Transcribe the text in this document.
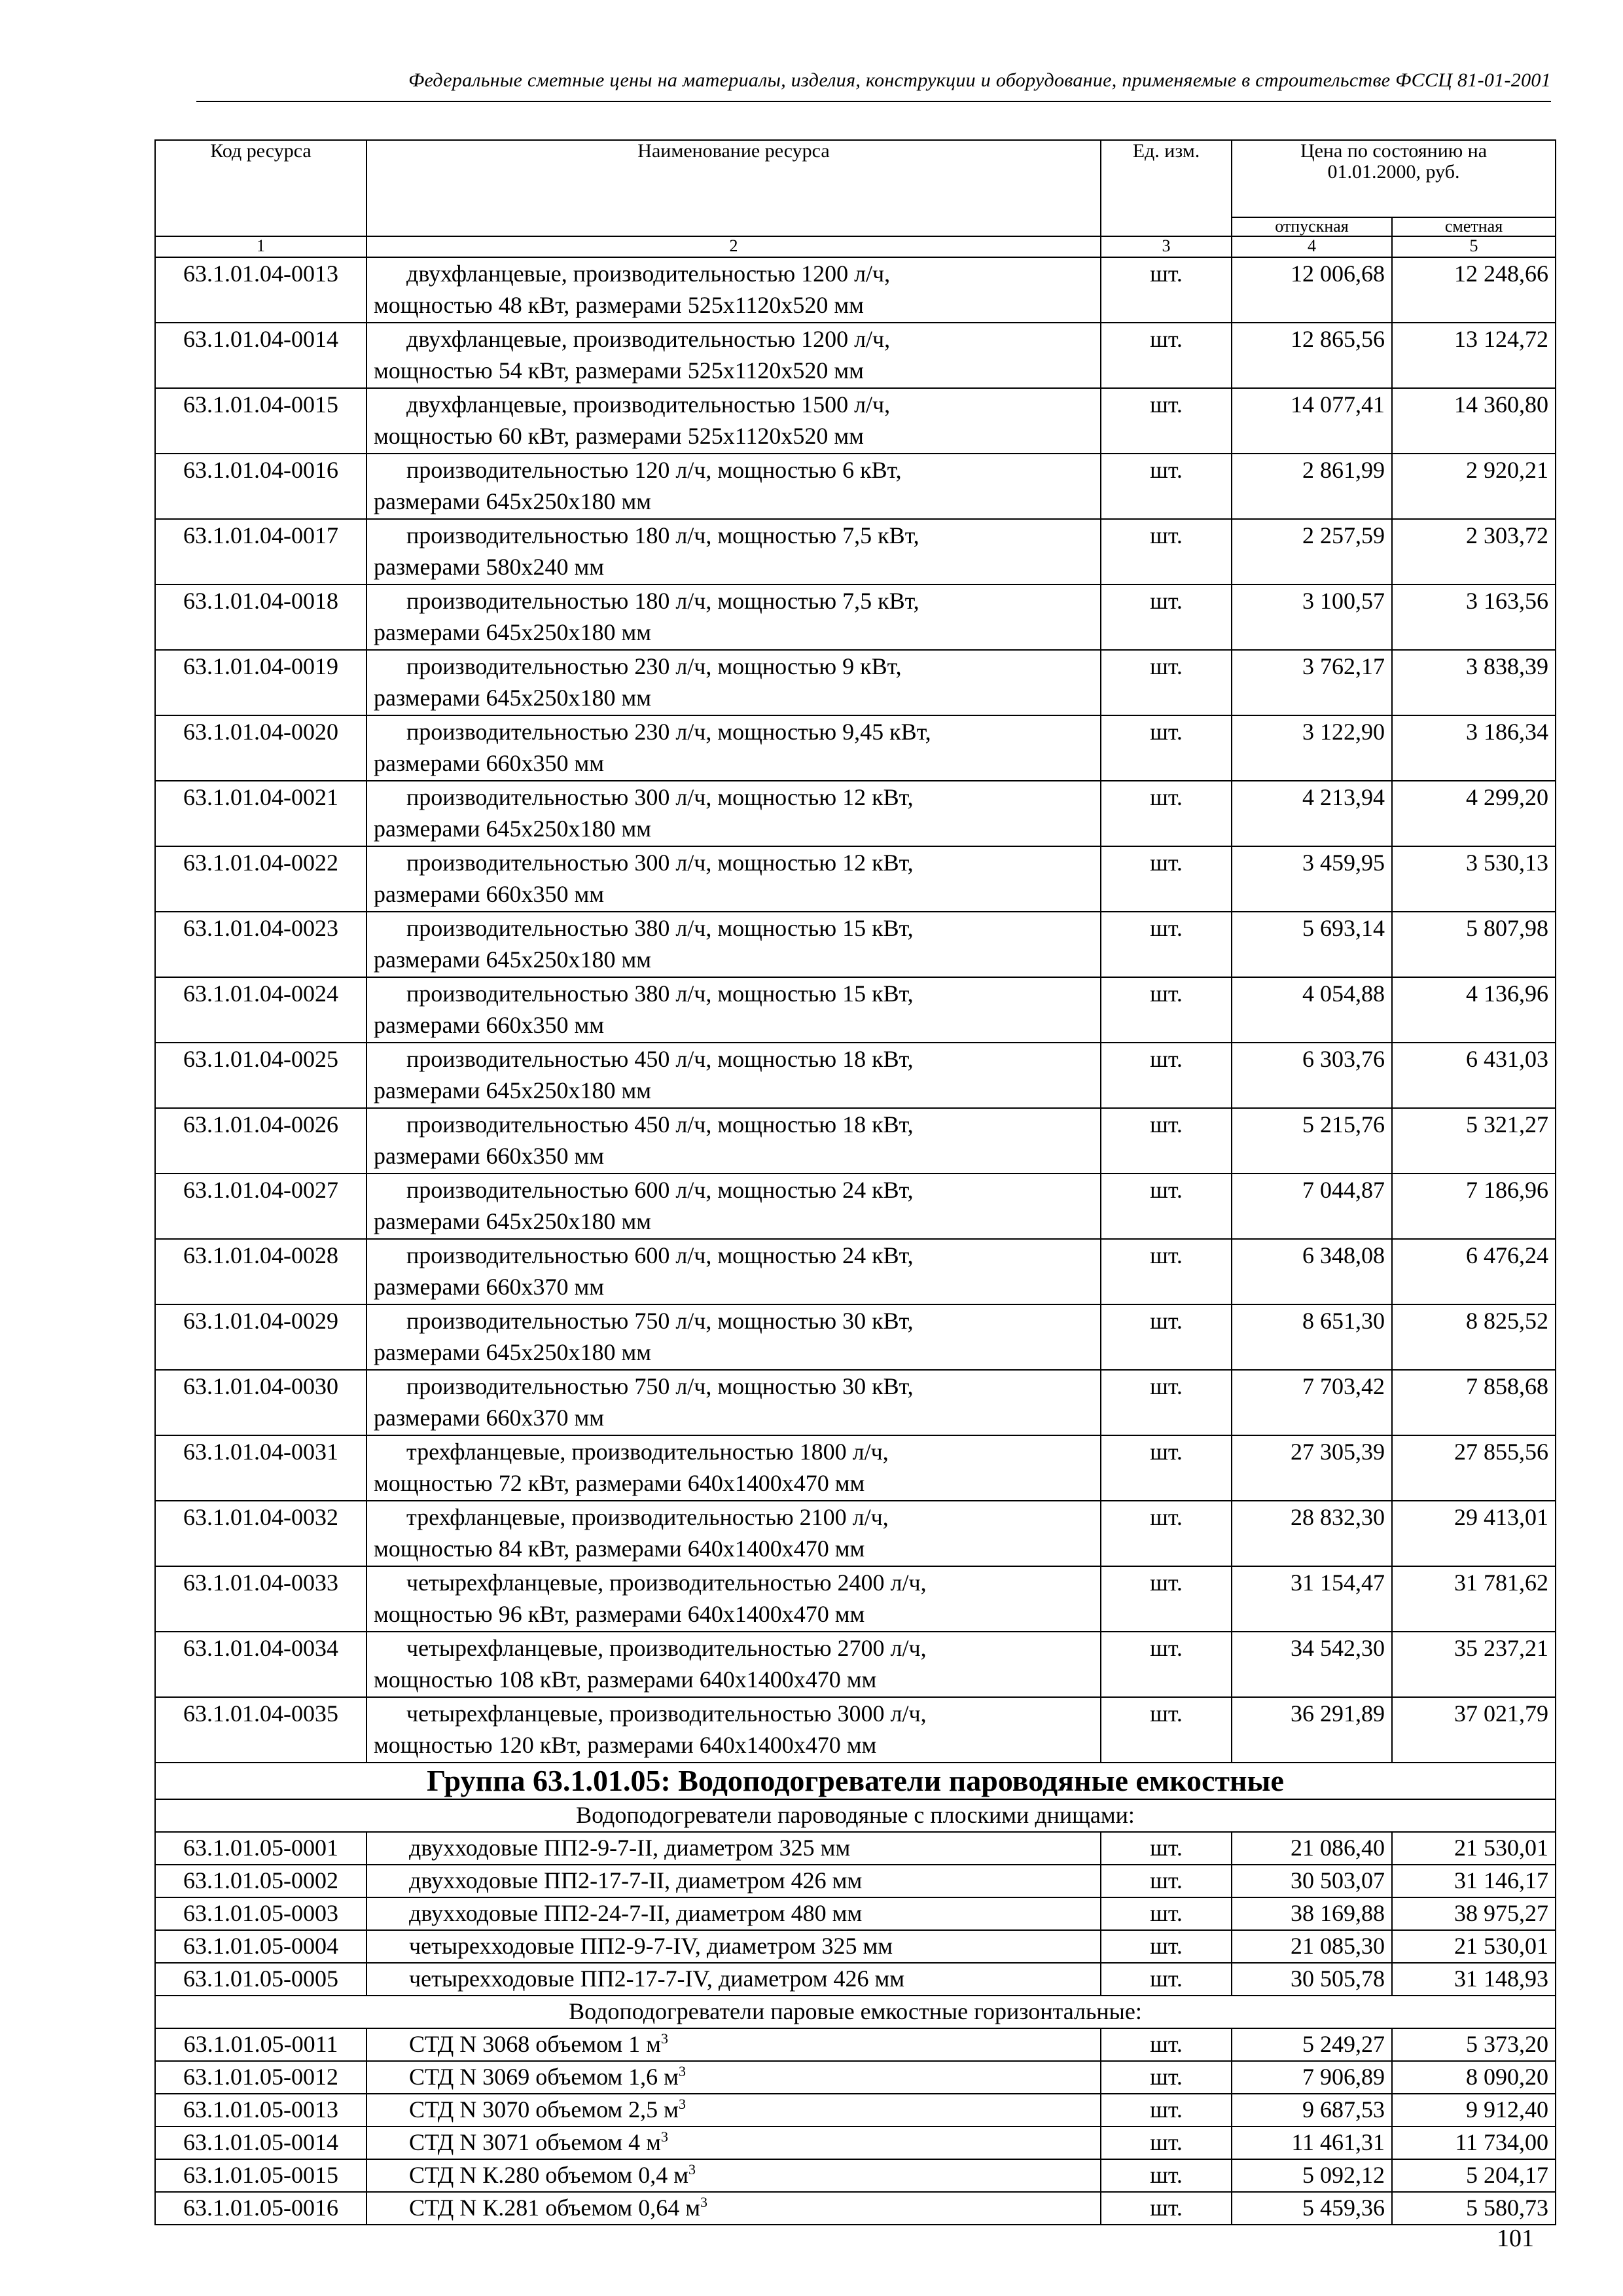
Федеральные сметные цены на материалы, изделия, конструкции и оборудование, применяемые в строительстве ФССЦ 81-01-2001
Код ресурса	Наименование ресурса	Ед. изм.	Цена по состоянию на 01.01.2000, руб.	
			отпускная	сметная
1	2	3	4	5
63.1.01.04-0013	двухфланцевые, производительностью 1200 л/ч,
мощностью 48 кВт, размерами 525х1120х520 мм	шт.	12 006,68	12 248,66
63.1.01.04-0014	двухфланцевые, производительностью 1200 л/ч,
мощностью 54 кВт, размерами 525х1120х520 мм	шт.	12 865,56	13 124,72
63.1.01.04-0015	двухфланцевые, производительностью 1500 л/ч,
мощностью 60 кВт, размерами 525х1120х520 мм	шт.	14 077,41	14 360,80
63.1.01.04-0016	производительностью 120 л/ч, мощностью 6 кВт,
размерами 645х250х180 мм	шт.	2 861,99	2 920,21
63.1.01.04-0017	производительностью 180 л/ч, мощностью 7,5 кВт,
размерами 580х240 мм	шт.	2 257,59	2 303,72
63.1.01.04-0018	производительностью 180 л/ч, мощностью 7,5 кВт,
размерами 645х250х180 мм	шт.	3 100,57	3 163,56
63.1.01.04-0019	производительностью 230 л/ч, мощностью 9 кВт,
размерами 645х250х180 мм	шт.	3 762,17	3 838,39
63.1.01.04-0020	производительностью 230 л/ч, мощностью 9,45 кВт,
размерами 660х350 мм	шт.	3 122,90	3 186,34
63.1.01.04-0021	производительностью 300 л/ч, мощностью 12 кВт,
размерами 645х250х180 мм	шт.	4 213,94	4 299,20
63.1.01.04-0022	производительностью 300 л/ч, мощностью 12 кВт,
размерами 660х350 мм	шт.	3 459,95	3 530,13
63.1.01.04-0023	производительностью 380 л/ч, мощностью 15 кВт,
размерами 645х250х180 мм	шт.	5 693,14	5 807,98
63.1.01.04-0024	производительностью 380 л/ч, мощностью 15 кВт,
размерами 660х350 мм	шт.	4 054,88	4 136,96
63.1.01.04-0025	производительностью 450 л/ч, мощностью 18 кВт,
размерами 645х250х180 мм	шт.	6 303,76	6 431,03
63.1.01.04-0026	производительностью 450 л/ч, мощностью 18 кВт,
размерами 660х350 мм	шт.	5 215,76	5 321,27
63.1.01.04-0027	производительностью 600 л/ч, мощностью 24 кВт,
размерами 645х250х180 мм	шт.	7 044,87	7 186,96
63.1.01.04-0028	производительностью 600 л/ч, мощностью 24 кВт,
размерами 660х370 мм	шт.	6 348,08	6 476,24
63.1.01.04-0029	производительностью 750 л/ч, мощностью 30 кВт,
размерами 645х250х180 мм	шт.	8 651,30	8 825,52
63.1.01.04-0030	производительностью 750 л/ч, мощностью 30 кВт,
размерами 660х370 мм	шт.	7 703,42	7 858,68
63.1.01.04-0031	трехфланцевые, производительностью 1800 л/ч,
мощностью 72 кВт, размерами 640х1400х470 мм	шт.	27 305,39	27 855,56
63.1.01.04-0032	трехфланцевые, производительностью 2100 л/ч,
мощностью 84 кВт, размерами 640х1400х470 мм	шт.	28 832,30	29 413,01
63.1.01.04-0033	четырехфланцевые, производительностью 2400 л/ч,
мощностью 96 кВт, размерами 640х1400х470 мм	шт.	31 154,47	31 781,62
63.1.01.04-0034	четырехфланцевые, производительностью 2700 л/ч,
мощностью 108 кВт, размерами 640х1400х470 мм	шт.	34 542,30	35 237,21
63.1.01.04-0035	четырехфланцевые, производительностью 3000 л/ч,
мощностью 120 кВт, размерами 640х1400х470 мм	шт.	36 291,89	37 021,79
Группа 63.1.01.05: Водоподогреватели пароводяные емкостные				
Водоподогреватели пароводяные с плоскими днищами:				
63.1.01.05-0001	двухходовые ПП2-9-7-II, диаметром 325 мм	шт.	21 086,40	21 530,01
63.1.01.05-0002	двухходовые ПП2-17-7-II, диаметром 426 мм	шт.	30 503,07	31 146,17
63.1.01.05-0003	двухходовые ПП2-24-7-II, диаметром 480 мм	шт.	38 169,88	38 975,27
63.1.01.05-0004	четырехходовые ПП2-9-7-IV, диаметром 325 мм	шт.	21 085,30	21 530,01
63.1.01.05-0005	четырехходовые ПП2-17-7-IV, диаметром 426 мм	шт.	30 505,78	31 148,93
Водоподогреватели паровые емкостные горизонтальные:				
63.1.01.05-0011	СТД N 3068 объемом 1 $м^3$	шт.	5 249,27	5 373,20
63.1.01.05-0012	СТД N 3069 объемом 1,6 $м^3$	шт.	7 906,89	8 090,20
63.1.01.05-0013	СТД N 3070 объемом 2,5 $м^3$	шт.	9 687,53	9 912,40
63.1.01.05-0014	СТД N 3071 объемом 4 $м^3$	шт.	11 461,31	11 734,00
63.1.01.05-0015	СТД N К.280 объемом 0,4 $м^3$	шт.	5 092,12	5 204,17
63.1.01.05-0016	СТД N К.281 объемом 0,64 $м^3$	шт.	5 459,36	5 580,73
101
